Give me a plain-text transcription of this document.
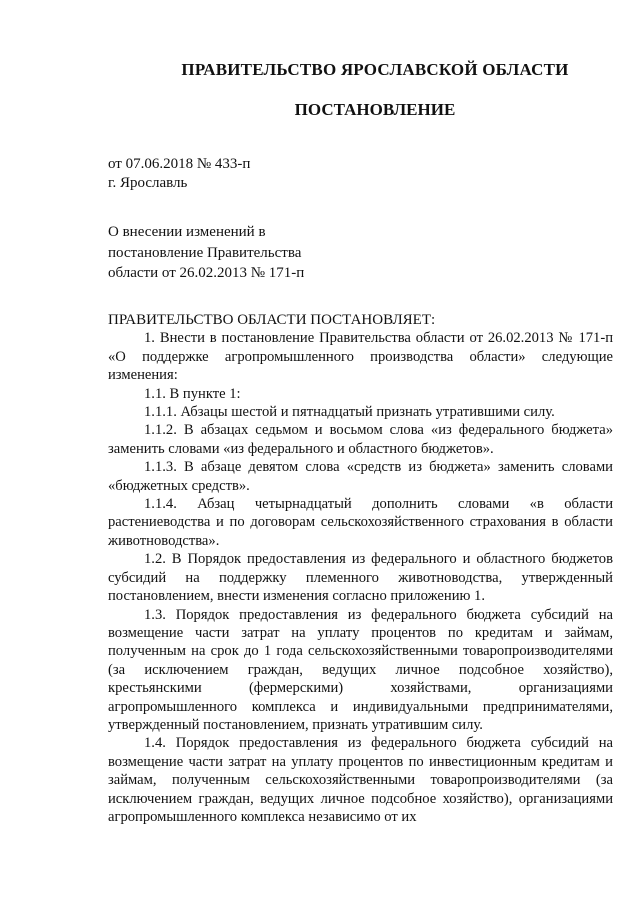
ПРАВИТЕЛЬСТВО ЯРОСЛАВСКОЙ ОБЛАСТИ
ПОСТАНОВЛЕНИЕ
от 07.06.2018 № 433-п
г. Ярославль
О внесении изменений в
постановление Правительства
области от 26.02.2013 № 171-п

ПРАВИТЕЛЬСТВО ОБЛАСТИ ПОСТАНОВЛЯЕТ:

1. Внести в постановление Правительства области от 26.02.2013 № 171-п «О поддержке агропромышленного производства области» следующие изменения:

1.1. В пункте 1:

1.1.1. Абзацы шестой и пятнадцатый признать утратившими силу.

1.1.2. В абзацах седьмом и восьмом слова «из федерального бюджета» заменить словами «из федерального и областного бюджетов».

1.1.3. В абзаце девятом слова «средств из бюджета» заменить словами «бюджетных средств».

1.1.4. Абзац четырнадцатый дополнить словами «в области растениеводства и по договорам сельскохозяйственного страхования в области животноводства».

1.2. В Порядок предоставления из федерального и областного бюджетов субсидий на поддержку племенного животноводства, утвержденный постановлением, внести изменения согласно приложению 1.

1.3. Порядок предоставления из федерального бюджета субсидий на возмещение части затрат на уплату процентов по кредитам и займам, полученным на срок до 1 года сельскохозяйственными товаропроизводителями (за исключением граждан, ведущих личное подсобное хозяйство), крестьянскими (фермерскими) хозяйствами, организациями агропромышленного комплекса и индивидуальными предпринимателями, утвержденный постановлением, признать утратившим силу.

1.4. Порядок предоставления из федерального бюджета субсидий на возмещение части затрат на уплату процентов по инвестиционным кредитам и займам, полученным сельскохозяйственными товаропроизводителями (за исключением граждан, ведущих личное подсобное хозяйство), организациями агропромышленного комплекса независимо от их
